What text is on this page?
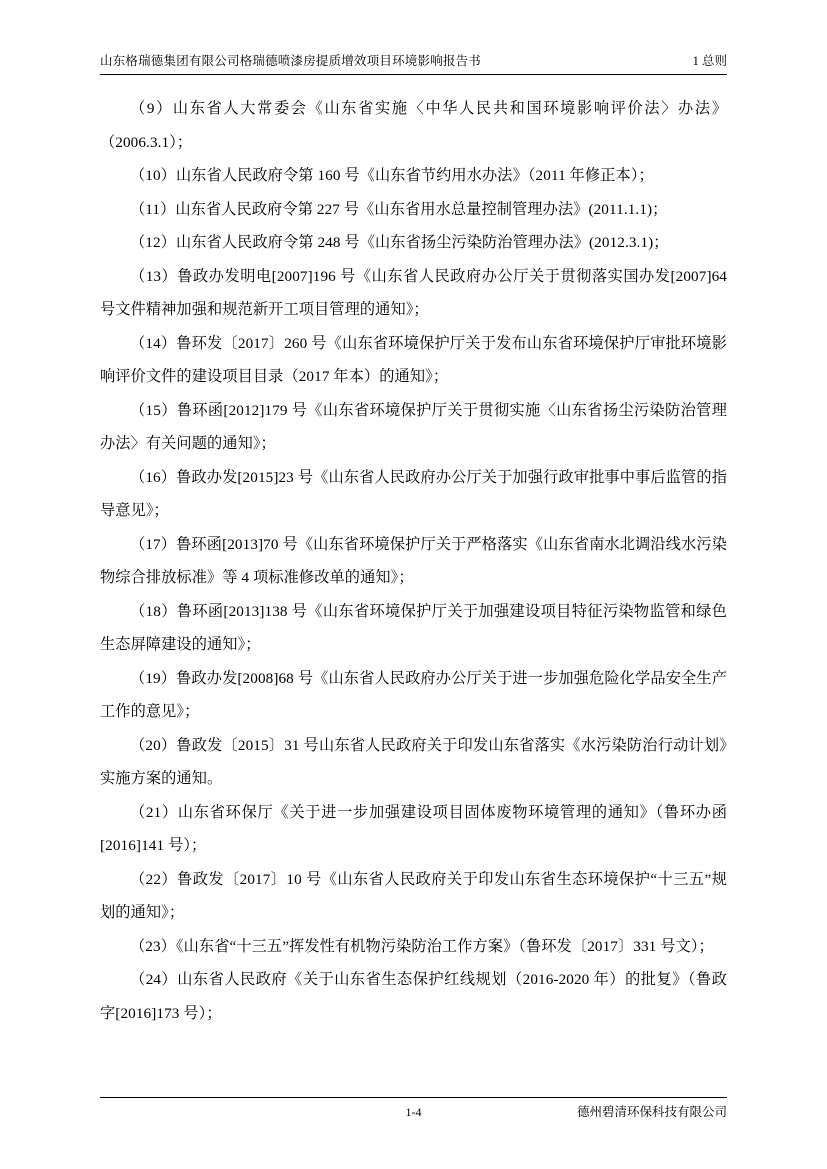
山东格瑞德集团有限公司格瑞德喷漆房提质增效项目环境影响报告书	1 总则

（9）山东省人大常委会《山东省实施〈中华人民共和国环境影响评价法〉办法》（2006.3.1）；

（10）山东省人民政府令第 160 号《山东省节约用水办法》（2011 年修正本）；

（11）山东省人民政府令第 227 号《山东省用水总量控制管理办法》(2011.1.1)；

（12）山东省人民政府令第 248 号《山东省扬尘污染防治管理办法》(2012.3.1)；

（13）鲁政办发明电[2007]196 号《山东省人民政府办公厅关于贯彻落实国办发[2007]64 号文件精神加强和规范新开工项目管理的通知》；

（14）鲁环发〔2017〕260 号《山东省环境保护厅关于发布山东省环境保护厅审批环境影响评价文件的建设项目目录（2017 年本）的通知》；

（15）鲁环函[2012]179 号《山东省环境保护厅关于贯彻实施〈山东省扬尘污染防治管理办法〉有关问题的通知》；

（16）鲁政办发[2015]23 号《山东省人民政府办公厅关于加强行政审批事中事后监管的指导意见》；

（17）鲁环函[2013]70 号《山东省环境保护厅关于严格落实《山东省南水北调沿线水污染物综合排放标准》等 4 项标准修改单的通知》；

（18）鲁环函[2013]138 号《山东省环境保护厅关于加强建设项目特征污染物监管和绿色生态屏障建设的通知》；

（19）鲁政办发[2008]68 号《山东省人民政府办公厅关于进一步加强危险化学品安全生产工作的意见》；

（20）鲁政发〔2015〕31 号山东省人民政府关于印发山东省落实《水污染防治行动计划》实施方案的通知。

（21）山东省环保厅《关于进一步加强建设项目固体废物环境管理的通知》（鲁环办函[2016]141 号）；

（22）鲁政发〔2017〕10 号《山东省人民政府关于印发山东省生态环境保护“十三五”规划的通知》；

（23）《山东省“十三五”挥发性有机物污染防治工作方案》（鲁环发〔2017〕331 号文）；

（24）山东省人民政府《关于山东省生态保护红线规划（2016-2020 年）的批复》（鲁政字[2016]173 号）；

1-4	德州碧清环保科技有限公司
